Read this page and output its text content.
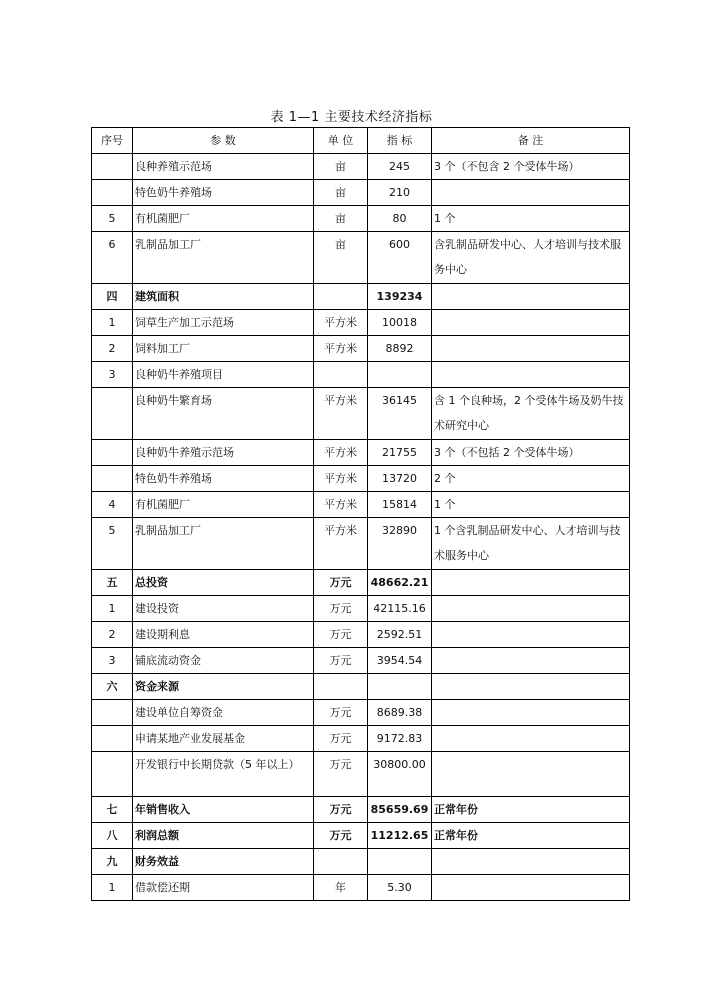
表 1—1 主要技术经济指标
序号	参 数	单 位	指 标	备 注
	良种养殖示范场	亩	245	3 个（不包含 2 个受体牛场）
	特色奶牛养殖场	亩	210	
5	有机菌肥厂	亩	80	1 个
6	乳制品加工厂	亩	600	含乳制品研发中心、人才培训与技术服务中心
四	建筑面积		139234	
1	饲草生产加工示范场	平方米	10018	
2	饲料加工厂	平方米	8892	
3	良种奶牛养殖项目			
	良种奶牛繁育场	平方米	36145	含 1 个良种场，2 个受体牛场及奶牛技术研究中心
	良种奶牛养殖示范场	平方米	21755	3 个（不包括 2 个受体牛场）
	特色奶牛养殖场	平方米	13720	2 个
4	有机菌肥厂	平方米	15814	1 个
5	乳制品加工厂	平方米	32890	1 个含乳制品研发中心、人才培训与技术服务中心
五	总投资	万元	48662.21	
1	建设投资	万元	42115.16	
2	建设期利息	万元	2592.51	
3	铺底流动资金	万元	3954.54	
六	资金来源			
	建设单位自筹资金	万元	8689.38	
	申请某地产业发展基金	万元	9172.83	
	开发银行中长期贷款（5 年以上）	万元	30800.00	
七	年销售收入	万元	85659.69	正常年份
八	利润总额	万元	11212.65	正常年份
九	财务效益			
1	借款偿还期	年	5.30	
